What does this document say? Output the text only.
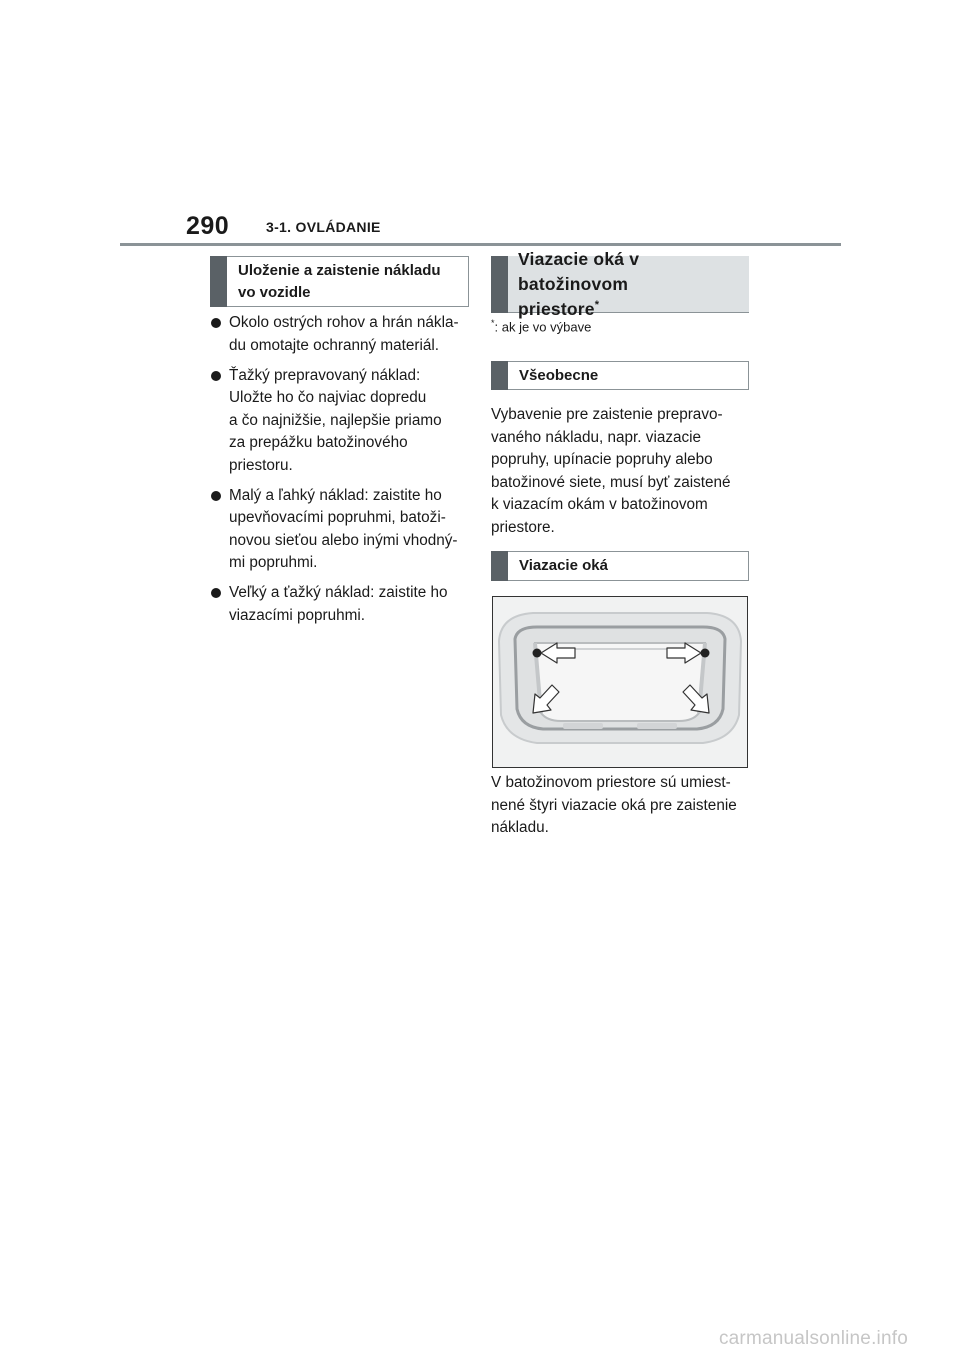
290	3-1. OVLÁDANIE
Uloženie a zaistenie nákladu
vo vozidle
Okolo ostrých rohov a hrán nákla-
du omotajte ochranný materiál.
Ťažký prepravovaný náklad:
Uložte ho čo najviac dopredu
a čo najnižšie, najlepšie priamo
za prepážku batožinového
priestoru.
Malý a ľahký náklad: zaistite ho
upevňovacími popruhmi, batoži-
novou sieťou alebo inými vhodný-
mi popruhmi.
Veľký a ťažký náklad: zaistite ho
viazacími popruhmi.
Viazacie oká v batožinovom
priestore*
*: ak je vo výbave
Všeobecne
Vybavenie pre zaistenie prepravo-
vaného nákladu, napr. viazacie
popruhy, upínacie popruhy alebo
batožinové siete, musí byť zaistené
k viazacím okám v batožinovom
priestore.
Viazacie oká
V batožinovom priestore sú umiest-
nené štyri viazacie oká pre zaistenie
nákladu.
carmanualsonline.info
